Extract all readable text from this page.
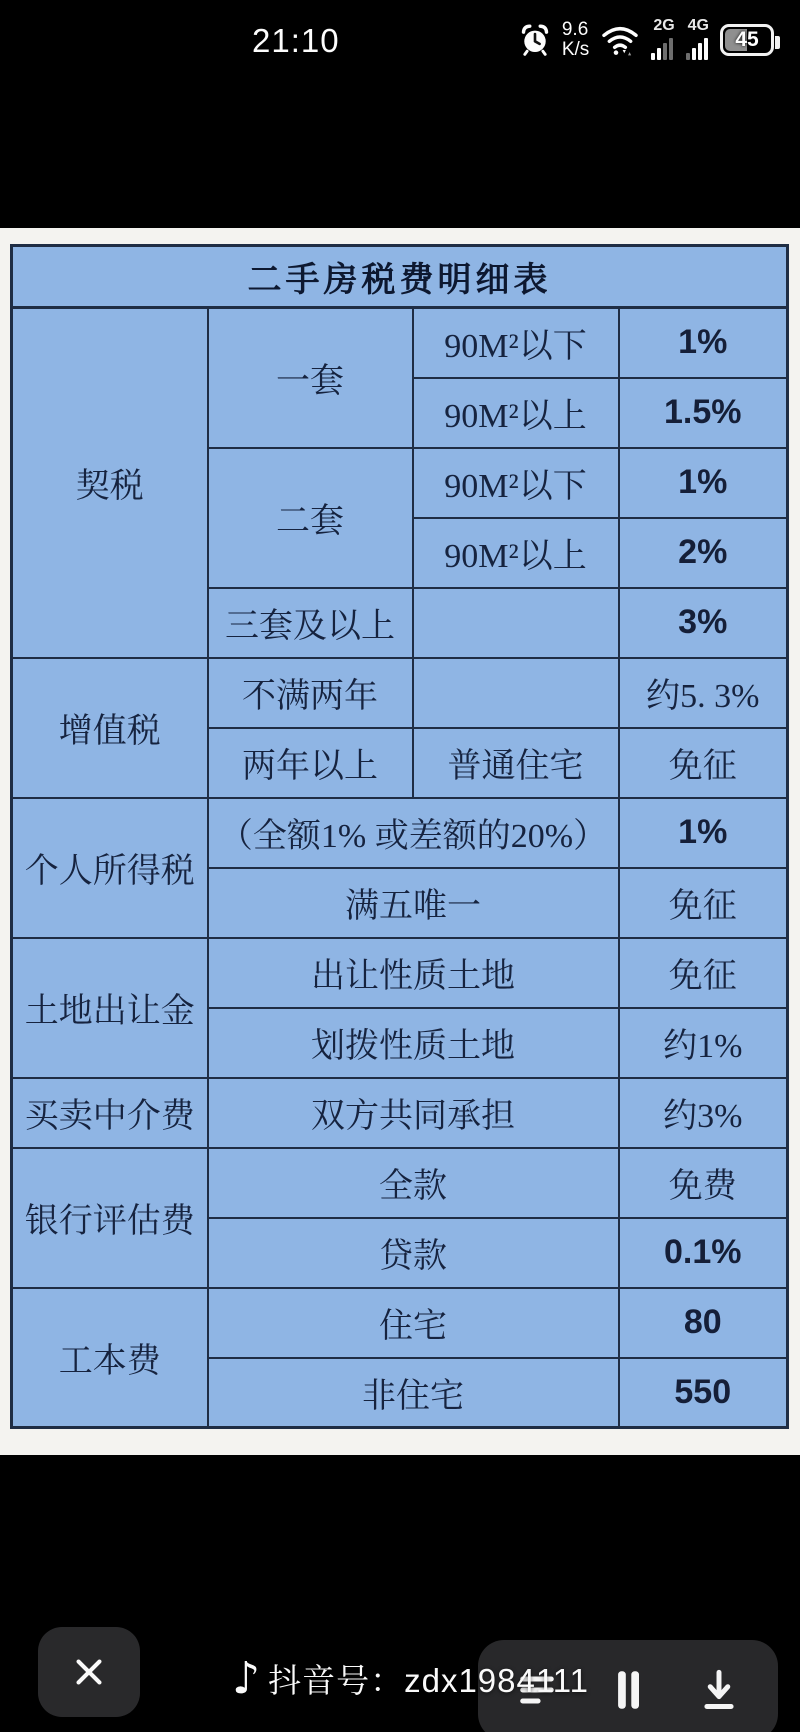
21:10	9.6
K/s
2G 4G
45
二手房税费明细表			
契税	一套	90M²以下	1%
		90M²以上	1.5%
	二套	90M²以下	1%
		90M²以上	2%
	三套及以上		3%
增值税	不满两年		约5. 3%
	两年以上	普通住宅	免征
个人所得税	（全额1% 或差额的20%）		1%
	满五唯一		免征
土地出让金	出让性质土地		免征
	划拨性质土地		约1%
买卖中介费	双方共同承担		约3%
银行评估费	全款		免费
	贷款		0.1%
工本费	住宅		80
	非住宅		550
♪ 抖音号：zdx1984111
